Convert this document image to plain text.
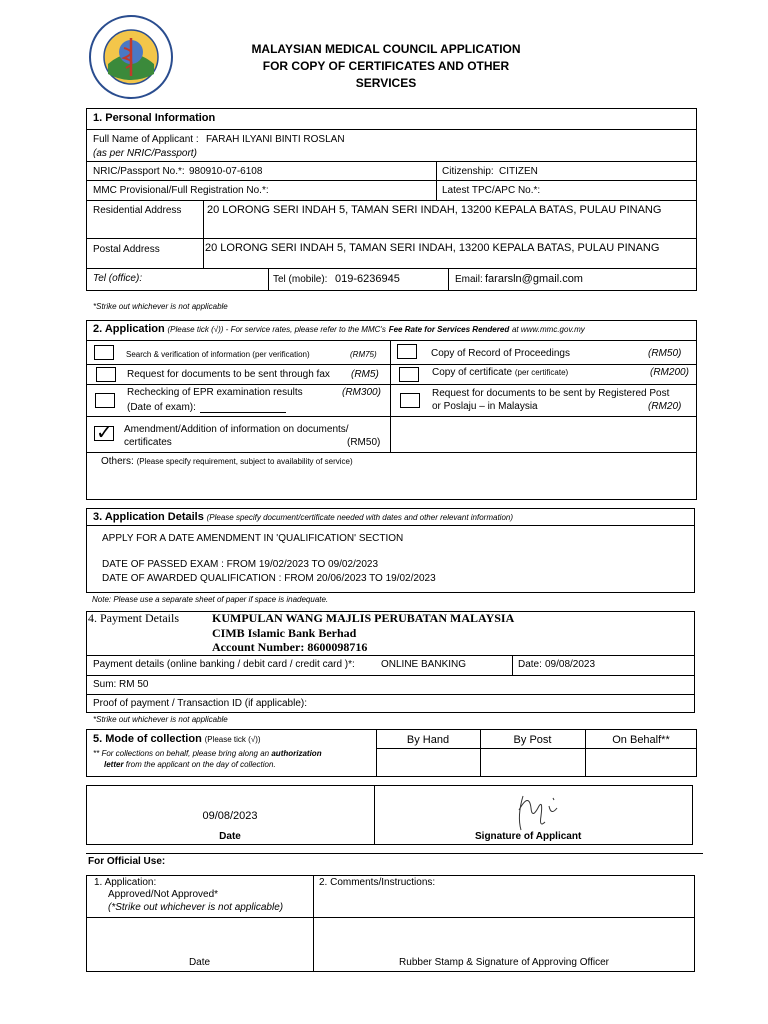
MALAYSIAN MEDICAL COUNCIL APPLICATION
FOR COPY OF CERTIFICATES AND OTHER
SERVICES
1. Personal Information
Full Name of Applicant : FARAH ILYANI BINTI ROSLAN
(as per NRIC/Passport)
NRIC/Passport No.*: 980910-07-6108	Citizenship: CITIZEN
MMC Provisional/Full Registration No.*:	Latest TPC/APC No.*:
Residential Address 20 LORONG SERI INDAH 5, TAMAN SERI INDAH, 13200 KEPALA BATAS, PULAU PINANG
Postal Address	20 LORONG SERI INDAH 5, TAMAN SERI INDAH, 13200 KEPALA BATAS, PULAU PINANG
Tel (office):	Tel (mobile): 019-6236945	Email: fararsln@gmail.com
*Strike out whichever is not applicable
2. Application (Please tick (√)) - For service rates, please refer to the MMC's Fee Rate for Services Rendered at www.mmc.gov.my
Search & verification of information (per verification)	(RM75)
Request for documents to be sent through fax (RM5)
Rechecking of EPR examination results	(RM300)
(Date of exam):
✓ Amendment/Addition of information on documents/
certificates	(RM50)
Copy of Record of Proceedings	(RM50)
Copy of certificate (per certificate)	(RM200)
Request for documents to be sent by Registered Post
or Poslaju – in Malaysia	(RM20)
Others: (Please specify requirement, subject to availability of service)
3. Application Details (Please specify document/certificate needed with dates and other relevant information)
APPLY FOR A DATE AMENDMENT IN 'QUALIFICATION' SECTION
DATE OF PASSED EXAM : FROM 19/02/2023 TO 09/02/2023
DATE OF AWARDED QUALIFICATION : FROM 20/06/2023 TO 19/02/2023
Note: Please use a separate sheet of paper if space is inadequate.
4. Payment Details	KUMPULAN WANG MAJLIS PERUBATAN MALAYSIA
CIMB Islamic Bank Berhad
Account Number: 8600098716
Payment details (online banking / debit card / credit card )*:	ONLINE BANKING	Date: 09/08/2023
Sum: RM 50
Proof of payment / Transaction ID (if applicable):
*Strike out whichever is not applicable
5. Mode of collection (Please tick (√))
** For collections on behalf, please bring along an authorization
letter from the applicant on the day of collection.
By Hand	By Post	On Behalf**
09/08/2023
Date	Signature of Applicant
For Official Use:
1. Application:
Approved/Not Approved*
(*Strike out whichever is not applicable)
2. Comments/Instructions:
Date	Rubber Stamp & Signature of Approving Officer
